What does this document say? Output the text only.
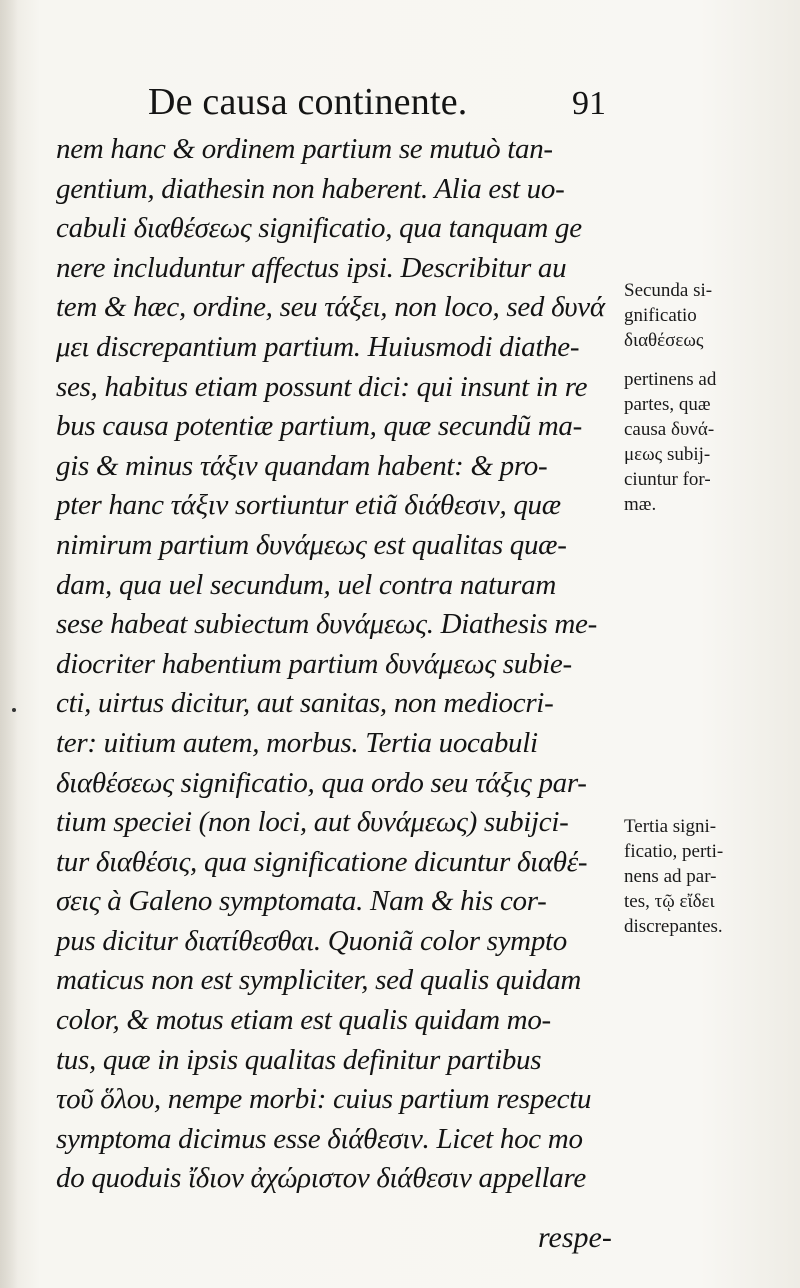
De causa continente.	91
nem hanc & ordinem partium se mutuò tan-
gentium, diathesin non haberent. Alia est uo-
cabuli διαθέσεως significatio, qua tanquam ge
nere includuntur affectus ipsi. Describitur au
tem & hæc, ordine, seu τάξει, non loco, sed δυνά
μει discrepantium partium. Huiusmodi diathe-
ses, habitus etiam possunt dici: qui insunt in re
bus causa potentiæ partium, quæ secundũ ma-
gis & minus τάξιν quandam habent: & pro-
pter hanc τάξιν sortiuntur etiã διάθεσιν, quæ
nimirum partium δυνάμεως est qualitas quæ-
dam, qua uel secundum, uel contra naturam
sese habeat subiectum δυνάμεως. Diathesis me-
diocriter habentium partium δυνάμεως subie-
cti, uirtus dicitur, aut sanitas, non mediocri-
ter: uitium autem, morbus. Tertia uocabuli
διαθέσεως significatio, qua ordo seu τάξις par-
tium speciei (non loci, aut δυνάμεως) subijci-
tur διαθέσις, qua significatione dicuntur διαθέ-
σεις à Galeno symptomata. Nam & his cor-
pus dicitur διατίθεσθαι. Quoniã color sympto
maticus non est sympliciter, sed qualis quidam
color, & motus etiam est qualis quidam mo-
tus, quæ in ipsis qualitas definitur partibus
τοῦ ὅλου, nempe morbi: cuius partium respectu
symptoma dicimus esse διάθεσιν. Licet hoc mo
do quoduis ἴδιον ἀχώριστον διάθεσιν appellare
respe-
Secunda si-
gnificatio
διαθέσεως
pertinens ad
partes, quæ
causa δυνά-
μεως subij-
ciuntur for-
mæ.
Tertia signi-
ficatio, perti-
nens ad par-
tes, τῷ εἴδει
discrepantes.
